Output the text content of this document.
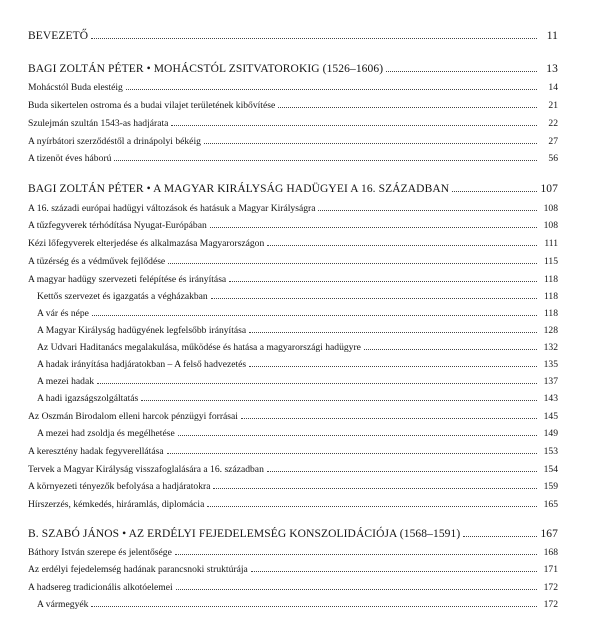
BEVEZETŐ	11
BAGI ZOLTÁN PÉTER • MOHÁCSTÓL ZSITVATOROKIG (1526–1606)	13
Mohácstól Buda elestéig	14
Buda sikertelen ostroma és a budai vilajet területének kibővítése	21
Szulejmán szultán 1543-as hadjárata	22
A nyírbátori szerződéstől a drinápolyi békéig	27
A tizenöt éves háború	56
BAGI ZOLTÁN PÉTER • A MAGYAR KIRÁLYSÁG HADÜGYEI A 16. SZÁZADBAN	107
A 16. századi európai hadügyi változások és hatásuk a Magyar Királyságra	108
A tűzfegyverek térhódítása Nyugat-Európában	108
Kézi lőfegyverek elterjedése és alkalmazása Magyarországon	111
A tüzérség és a védművek fejlődése	115
A magyar hadügy szervezeti felépítése és irányítása	118
Kettős szervezet és igazgatás a végházakban	118
A vár és népe	118
A Magyar Királyság hadügyének legfelsőbb irányítása	128
Az Udvari Haditanács megalakulása, működése és hatása a magyarországi hadügyre	132
A hadak irányítása hadjáratokban – A felső hadvezetés	135
A mezei hadak	137
A hadi igazságszolgáltatás	143
Az Oszmán Birodalom elleni harcok pénzügyi forrásai	145
A mezei had zsoldja és megélhetése	149
A keresztény hadak fegyverellátása	153
Tervek a Magyar Királyság visszafoglalására a 16. században	154
A környezeti tényezők befolyása a hadjáratokra	159
Hírszerzés, kémkedés, hiráramlás, diplomácia	165
B. SZABÓ JÁNOS • AZ ERDÉLYI FEJEDELEMSÉG KONSZOLIDÁCIÓJA (1568–1591)	167
Báthory István szerepe és jelentősége	168
Az erdélyi fejedelemség hadának parancsnoki struktúrája	171
A hadsereg tradicionális alkotóelemei	172
A vármegyék	172
